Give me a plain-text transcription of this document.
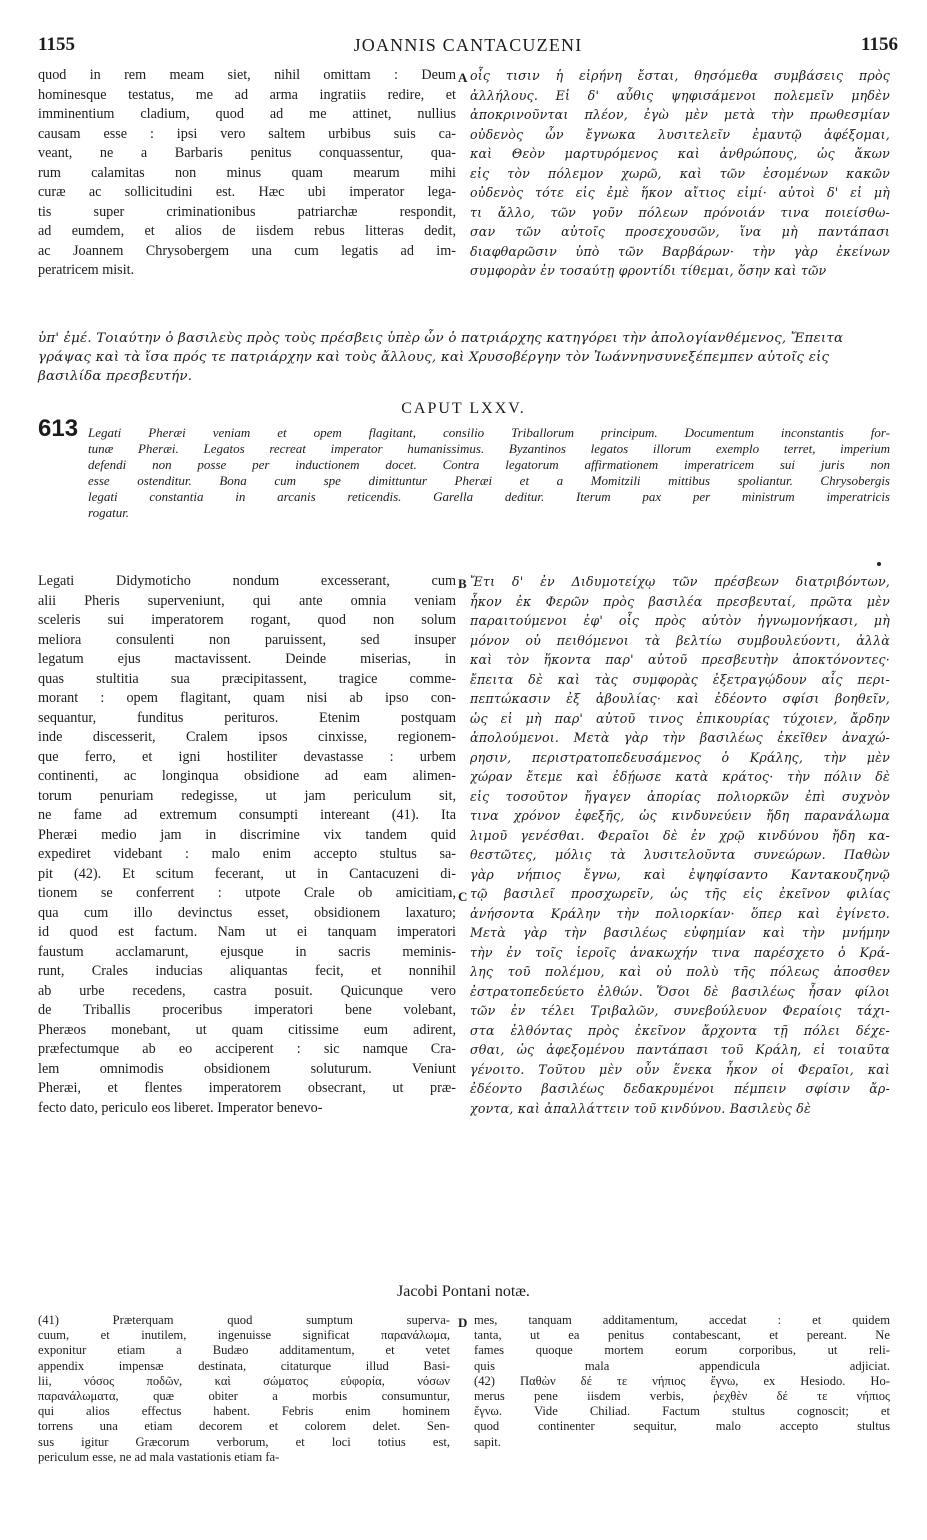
1155	JOANNIS CANTACUZENI	1156
quod in rem meam siet, nihil omittam : Deum
hominesque testatus, me ad arma ingratiis redire, et
imminentium cladium, quod ad me attinet, nullius
causam esse : ipsi vero saltem urbibus suis ca-
veant, ne a Barbaris penitus conquassentur, qua-
rum calamitas non minus quam mearum mihi
curæ ac sollicitudini est. Hæc ubi imperator lega-
tis super criminationibus patriarchæ respondit,
ad eumdem, et alios de iisdem rebus litteras dedit,
ac Joannem Chrysobergem una cum legatis ad im-
peratricem misit.
A οἷς τισιν ἡ εἰρήνη ἔσται, θησόμεθα συμβάσεις πρὸς
ἀλλήλους. Εἰ δ' αὖθις ψηφισάμενοι πολεμεῖν μηδὲν
ἀποκρινοῦνται πλέον, ἐγὼ μὲν μετὰ τὴν πρωθεσμίαν
οὐδενὸς ὧν ἔγνωκα λυσιτελεῖν ἐμαυτῷ ἀφέξομαι,
καὶ Θεὸν μαρτυρόμενος καὶ ἀνθρώπους, ὡς ἄκων
εἰς τὸν πόλεμον χωρῶ, καὶ τῶν ἐσομένων κακῶν
οὐδενὸς τότε εἰς ἐμὲ ἥκον αἴτιος εἰμί· αὐτοὶ δ' εἰ μὴ
τι ἄλλο, τῶν γοῦν πόλεων πρόνοιάν τινα ποιείσθω-
σαν τῶν αὐτοῖς προσεχουσῶν, ἵνα μὴ παντάπασι
διαφθαρῶσιν ὑπὸ τῶν Βαρβάρων· τὴν γὰρ ἐκείνων
συμφορὰν ἐν τοσαύτῃ φροντίδι τίθεμαι, ὅσην καὶ τῶν
ὑπ' ἐμέ. Τοιαύτην ὁ βασιλεὺς πρὸς τοὺς πρέσβεις ὑπὲρ ὧν ὁ πατριάρχης κατηγόρει τὴν ἀπολογίανθέμενος, Ἔπειτα γράψας καὶ τὰ ἴσα πρός τε πατριάρχην καὶ τοὺς ἄλλους, καὶ Χρυσοβέργην τὸν Ἰωάννηνσυνεξέπεμπεν αὐτοῖς εἰς βασιλίδα πρεσβευτήν.
CAPUT LXXV.
613 Legati Pheræi veniam et opem flagitant, consilio Triballorum principum. Documentum inconstantis for-
tunæ Pheræi. Legatos recreat imperator humanissimus. Byzantinos legatos illorum exemplo terret, imperium
defendi non posse per inductionem docet. Contra legatorum affirmationem imperatricem sui juris non
esse ostenditur. Bona cum spe dimittuntur Pheræi et a Momitzili mittibus spoliantur. Chrysobergis
legati constantia in arcanis reticendis. Garella deditur. Iterum pax per ministrum imperatricis
rogatur.
Legati Didymoticho nondum excesserant, cum
alii Pheris superveniunt, qui ante omnia veniam
sceleris sui imperatorem rogant, quod non solum
meliora consulenti non paruissent, sed insuper
legatum ejus mactavissent. Deinde miserias, in
quas stultitia sua præcipitassent, tragice comme-
morant : opem flagitant, quam nisi ab ipso con-
sequantur, funditus perituros. Etenim postquam
inde discesserit, Cralem ipsos cinxisse, regionem-
que ferro, et igni hostiliter devastasse : urbem
continenti, ac longinqua obsidione ad eam alimen-
torum penuriam redegisse, ut jam periculum sit,
ne fame ad extremum consumpti intereant (41). Ita
Pheræi medio jam in discrimine vix tandem quid
expediret videbant : malo enim accepto stultus sa-
pit (42). Et scitum fecerant, ut in Cantacuzeni di-
tionem se conferrent : utpote Crale ob amicitiam,
qua cum illo devinctus esset, obsidionem laxaturo;
id quod est factum. Nam ut ei tanquam imperatori
faustum acclamarunt, ejusque in sacris meminis-
runt, Crales inducias aliquantas fecit, et nonnihil
ab urbe recedens, castra posuit. Quicunque vero
de Triballis proceribus imperatori bene volebant,
Pheræos monebant, ut quam citissime eum adirent,
præfectumque ab eo acciperent : sic namque Cra-
lem omnimodis obsidionem soluturum. Veniunt
Pheræi, et flentes imperatorem obsecrant, ut præ-
fecto dato, periculo eos liberet. Imperator benevo-
B
C
Ἔτι δ' ἐν Διδυμοτείχῳ τῶν πρέσβεων διατριβόντων,
ἧκον ἐκ Φερῶν πρὸς βασιλέα πρεσβευταί, πρῶτα μὲν
παραιτούμενοι ἐφ' οἷς πρὸς αὐτὸν ἠγνωμονήκασι, μὴ
μόνον οὐ πειθόμενοι τὰ βελτίω συμβουλεύοντι, ἀλλὰ
καὶ τὸν ἥκοντα παρ' αὐτοῦ πρεσβευτὴν ἀποκτόνοντες·
ἔπειτα δὲ καὶ τὰς συμφορὰς ἐξετραγῴδουν αἷς περι-
πεπτώκασιν ἐξ ἀβουλίας· καὶ ἐδέοντο σφίσι βοηθεῖν,
ὡς εἰ μὴ παρ' αὐτοῦ τινος ἐπικουρίας τύχοιεν, ἄρδην
ἀπολούμενοι. Μετὰ γὰρ τὴν βασιλέως ἐκεῖθεν ἀναχώ-
ρησιν, περιστρατοπεδευσάμενος ὁ Κράλης, τὴν μὲν
χώραν ἔτεμε καὶ ἐδῄωσε κατὰ κράτος· τὴν πόλιν δὲ
εἰς τοσοῦτον ἤγαγεν ἀπορίας πολιορκῶν ἐπὶ συχνὸν
τινα χρόνον ἐφεξῆς, ὡς κινδυνεύειν ἤδη παρανάλωμα
λιμοῦ γενέσθαι. Φεραῖοι δὲ ἐν χρῷ κινδύνου ἤδη κα-
θεστῶτες, μόλις τὰ λυσιτελοῦντα συνεώρων. Παθὼν
γὰρ νήπιος ἔγνω, καὶ ἐψηφίσαντο Καντακουζηνῷ
τῷ βασιλεῖ προσχωρεῖν, ὡς τῆς εἰς ἐκεῖνον φιλίας
ἀνήσοντα Κράλην τὴν πολιορκίαν· ὅπερ καὶ ἐγίνετο.
Μετὰ γὰρ τὴν βασιλέως εὐφημίαν καὶ τὴν μνήμην
τὴν ἐν τοῖς ἱεροῖς ἀνακωχήν τινα παρέσχετο ὁ Κρά-
λης τοῦ πολέμου, καὶ οὐ πολὺ τῆς πόλεως ἀποσθεν
ἐστρατοπεδεύετο ἐλθών. Ὅσοι δὲ βασιλέως ἦσαν φίλοι
τῶν ἐν τέλει Τριβαλῶν, συνεβούλευον Φεραίοις τάχι-
στα ἐλθόντας πρὸς ἐκεῖνον ἄρχοντα τῇ πόλει δέχε-
σθαι, ὡς ἀφεξομένου παντάπασι τοῦ Κράλη, εἰ τοιαῦτα
γένοιτο. Τοῦτου μὲν οὖν ἕνεκα ἧκον οἱ Φεραῖοι, καὶ
ἐδέοντο βασιλέως δεδακρυμένοι πέμπειν σφίσιν ἄρ-
χοντα, καὶ ἀπαλλάττειν τοῦ κινδύνου. Βασιλεὺς δὲ
Jacobi Pontani notæ.
(41) Præterquam quod sumptum superva-
cuum, et inutilem, ingenuisse significat παρανάλωμα,
exponitur etiam a Budæo additamentum, et vetet
appendix impensæ destinata, citaturque illud Basi-
lii, νόσος ποδῶν, καὶ σώματος εὐφορία, νόσων
παρανάλωματα, quæ obiter a morbis consumuntur,
qui alios effectus habent. Febris enim hominem
torrens una etiam decorem et colorem delet. Sen-
sus igitur Græcorum verborum, et loci totius est,
periculum esse, ne ad mala vastationis etiam fa-
D mes, tanquam additamentum, accedat : et quidem
tanta, ut ea penitus contabescant, et pereant. Ne
fames quoque mortem eorum corporibus, ut reli-
quis mala appendicula adjiciat.
(42) Παθὼν δέ τε νήπιος ἔγνω, ex Hesiodo. Ho-
merus pene iisdem verbis, ῥεχθὲν δέ τε νήπιος
ἔγνω. Vide Chiliad. Factum stultus cognoscit; et
quod continenter sequitur, malo accepto stultus
sapit.
